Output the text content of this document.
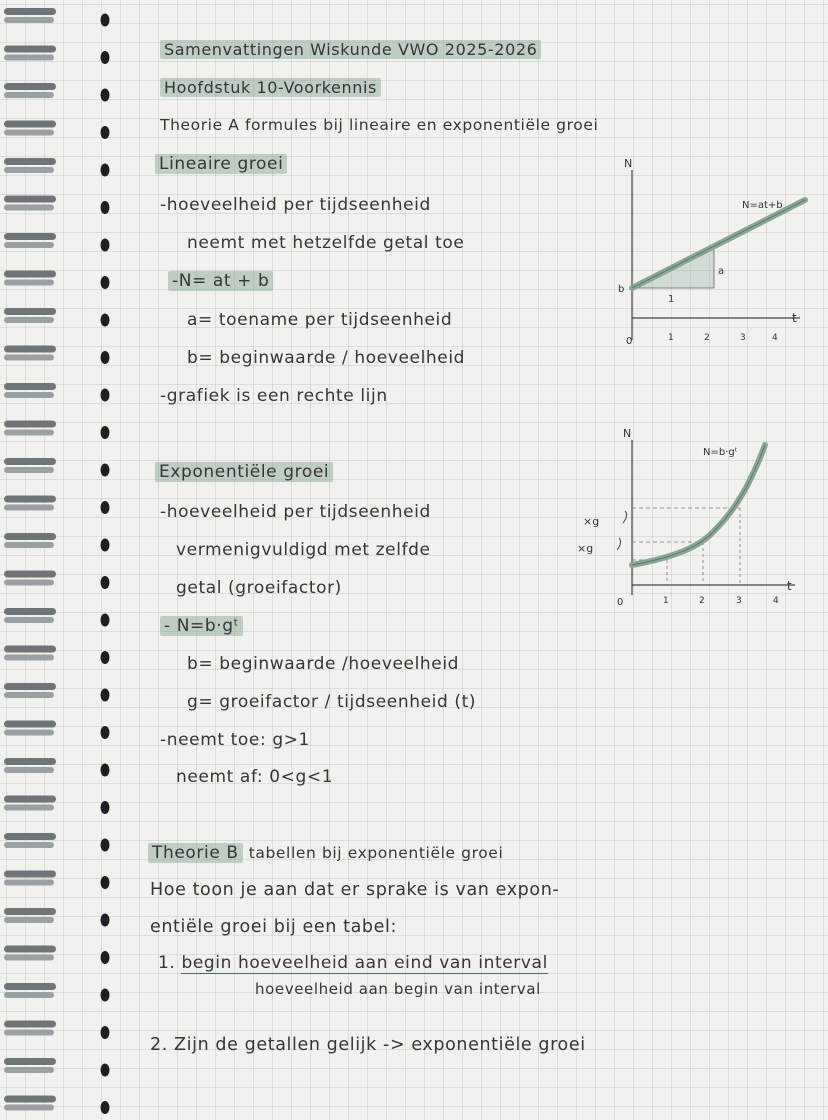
Samenvattingen Wiskunde VWO 2025-2026
Hoofdstuk 10-Voorkennis
Theorie A formules bij lineaire en exponentiële groei
Lineaire groei
-hoeveelheid per tijdseenheid
neemt met hetzelfde getal toe
-N= at + b
a= toename per tijdseenheid
b= beginwaarde / hoeveelheid
-grafiek is een rechte lijn
Exponentiële groei
-hoeveelheid per tijdseenheid
vermenigvuldigd met zelfde
getal (groeifactor)
- N=b·gᵗ
b= beginwaarde /hoeveelheid
g= groeifactor / tijdseenheid (t)
-neemt toe: g>1
neemt af: 0<g<1
N
t
0
b
N=at+b
1
a
1	2	3	4
N
t
0
N=b·gᵗ
×g
×g
1	2	3	4
Theorie B tabellen bij exponentiële groei
Hoe toon je aan dat er sprake is van expon-
entiële groei bij een tabel:
1. begin hoeveelheid aan eind van interval
hoeveelheid aan begin van interval
2. Zijn de getallen gelijk -> exponentiële groei
